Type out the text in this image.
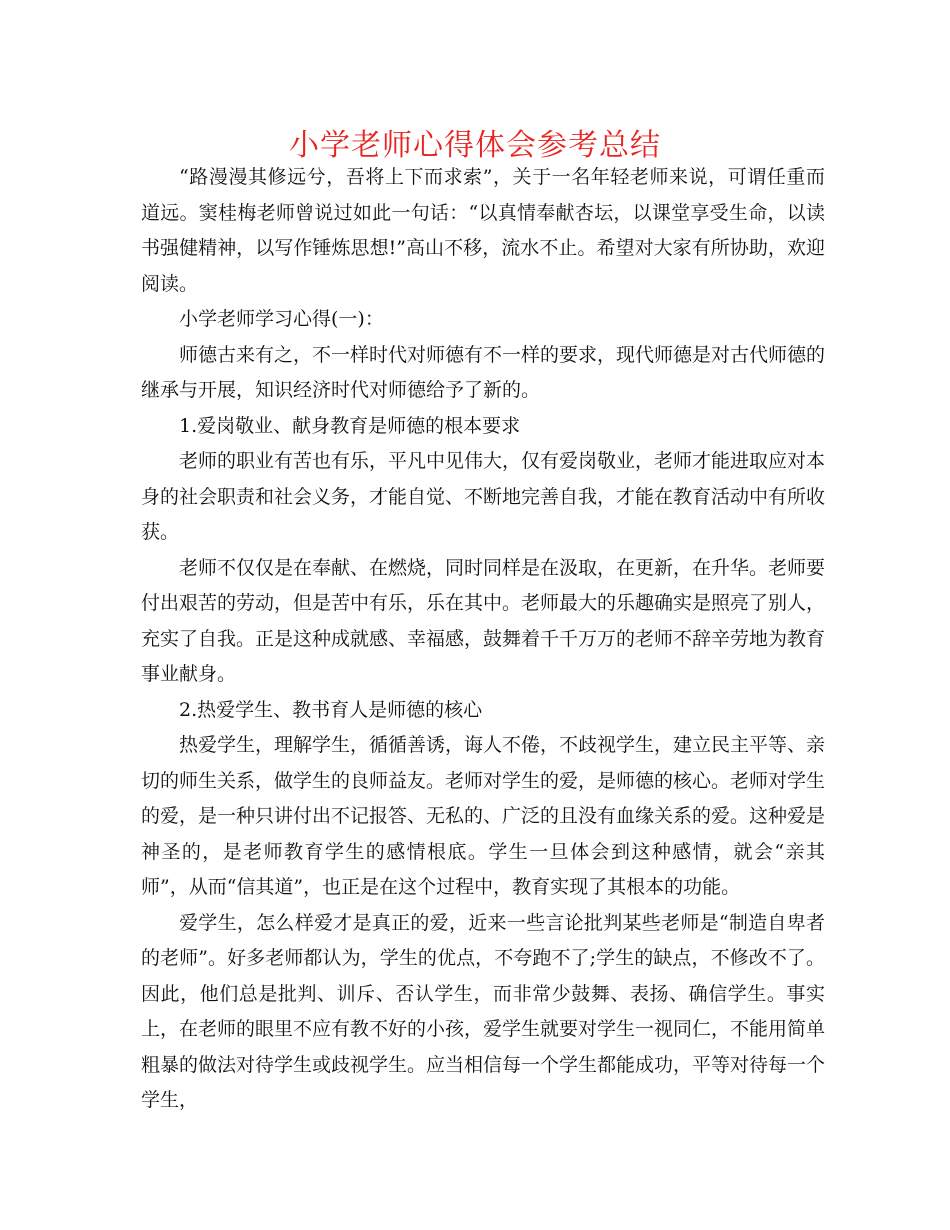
小学老师心得体会参考总结

“路漫漫其修远兮，吾将上下而求索”，关于一名年轻老师来说，可谓任重而道远。窦桂梅老师曾说过如此一句话：“以真情奉献杏坛，以课堂享受生命，以读书强健精神，以写作锤炼思想!”高山不移，流水不止。希望对大家有所协助，欢迎阅读。

小学老师学习心得(一)：

师德古来有之，不一样时代对师德有不一样的要求，现代师德是对古代师德的继承与开展，知识经济时代对师德给予了新的。

1.爱岗敬业、献身教育是师德的根本要求

老师的职业有苦也有乐，平凡中见伟大，仅有爱岗敬业，老师才能进取应对本身的社会职责和社会义务，才能自觉、不断地完善自我，才能在教育活动中有所收获。

老师不仅仅是在奉献、在燃烧，同时同样是在汲取，在更新，在升华。老师要付出艰苦的劳动，但是苦中有乐，乐在其中。老师最大的乐趣确实是照亮了别人，充实了自我。正是这种成就感、幸福感，鼓舞着千千万万的老师不辞辛劳地为教育事业献身。

2.热爱学生、教书育人是师德的核心

热爱学生，理解学生，循循善诱，诲人不倦，不歧视学生，建立民主平等、亲切的师生关系，做学生的良师益友。老师对学生的爱，是师德的核心。老师对学生的爱，是一种只讲付出不记报答、无私的、广泛的且没有血缘关系的爱。这种爱是神圣的，是老师教育学生的感情根底。学生一旦体会到这种感情，就会“亲其师”，从而“信其道”，也正是在这个过程中，教育实现了其根本的功能。

爱学生，怎么样爱才是真正的爱，近来一些言论批判某些老师是“制造自卑者的老师”。好多老师都认为，学生的优点，不夸跑不了;学生的缺点，不修改不了。因此，他们总是批判、训斥、否认学生，而非常少鼓舞、表扬、确信学生。事实上，在老师的眼里不应有教不好的小孩，爱学生就要对学生一视同仁，不能用简单粗暴的做法对待学生或歧视学生。应当相信每一个学生都能成功，平等对待每一个学生，
